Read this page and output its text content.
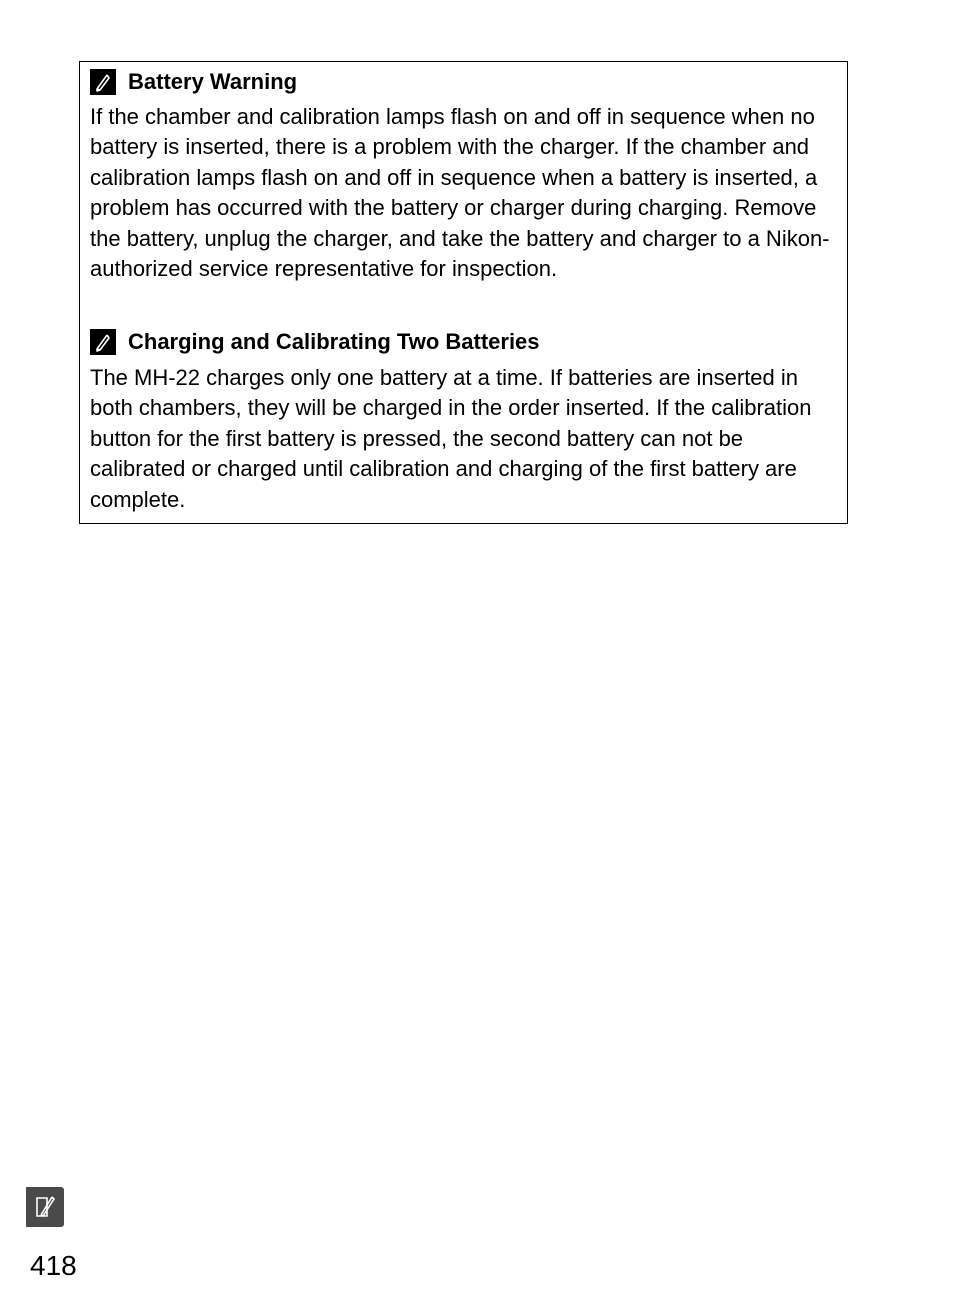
Battery Warning

If the chamber and calibration lamps flash on and off in sequence when no battery is inserted, there is a problem with the charger. If the chamber and calibration lamps flash on and off in sequence when a battery is inserted, a problem has occurred with the battery or charger during charging. Remove the battery, unplug the charger, and take the battery and charger to a Nikon-authorized service representative for inspection.

Charging and Calibrating Two Batteries

The MH-22 charges only one battery at a time. If batteries are inserted in both chambers, they will be charged in the order inserted. If the calibration button for the first battery is pressed, the second battery can not be calibrated or charged until calibration and charging of the first battery are complete.

418
